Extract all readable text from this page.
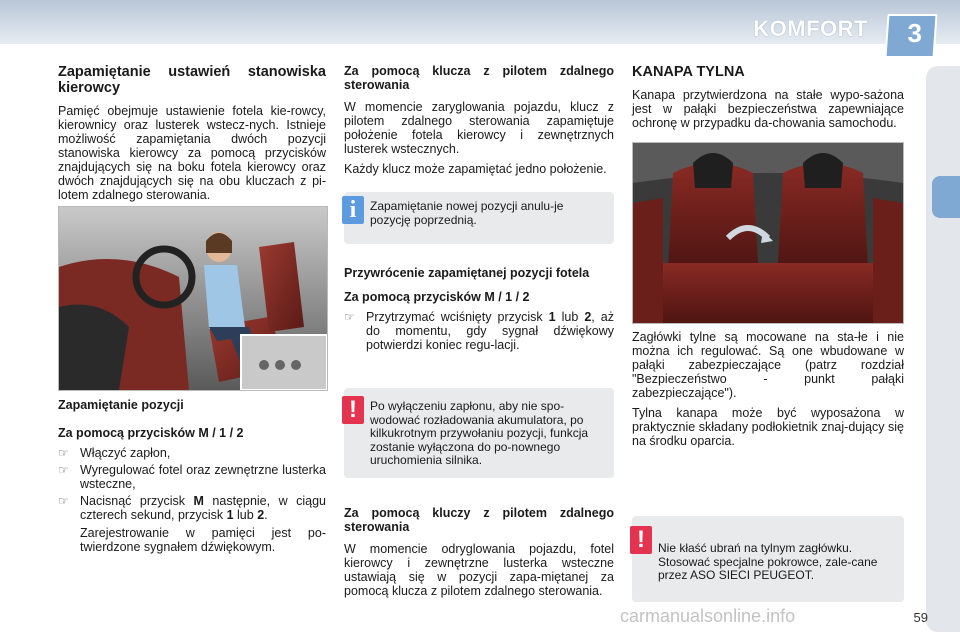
KOMFORT 3
Zapamiętanie ustawień stanowiska kierowcy

Pamięć obejmuje ustawienie fotela kie-rowcy, kierownicy oraz lusterek wstecz-nych. Istnieje możliwość zapamiętania dwóch pozycji stanowiska kierowcy za pomocą przycisków znajdujących się na boku fotela kierowcy oraz dwóch znajdujących się na obu kluczach z pi-lotem zdalnego sterowania.

Zapamiętanie pozycji
Za pomocą przycisków M / 1 / 2
☞ Włączyć zapłon,
☞ Wyregulować fotel oraz zewnętrzne lusterka wsteczne,
☞ Nacisnąć przycisk M następnie, w ciągu czterech sekund, przycisk 1 lub 2.

Zarejestrowanie w pamięci jest po-twierdzone sygnałem dźwiękowym.

Za pomocą klucza z pilotem zdalnego sterowania

W momencie zaryglowania pojazdu, klucz z pilotem zdalnego sterowania zapamiętuje położenie fotela kierowcy i zewnętrznych lusterek wstecznych.

Każdy klucz może zapamiętać jedno położenie.

i	Zapamiętanie nowej pozycji anulu-je pozycję poprzednią.
Przywrócenie zapamiętanej pozycji fotela
Za pomocą przycisków M / 1 / 2
☞ Przytrzymać wciśnięty przycisk 1 lub 2, aż do momentu, gdy sygnał dźwiękowy potwierdzi koniec regu-lacji.
!	Po wyłączeniu zapłonu, aby nie spo-wodować rozładowania akumulatora, po kilkukrotnym przywołaniu pozycji, funkcja zostanie wyłączona do po-nownego uruchomienia silnika.
Za pomocą kluczy z pilotem zdalnego sterowania

W momencie odryglowania pojazdu, fotel kierowcy i zewnętrzne lusterka wsteczne ustawiają się w pozycji zapa-miętanej za pomocą klucza z pilotem zdalnego sterowania.

KANAPA TYLNA

Kanapa przytwierdzona na stałe wypo-sażona jest w pałąki bezpieczeństwa zapewniające ochronę w przypadku da-chowania samochodu.

Zagłówki tylne są mocowane na sta-łe i nie można ich regulować. Są one wbudowane w pałąki zabezpieczające (patrz rozdział "Bezpieczeństwo - punkt pałąki zabezpieczające").

Tylna kanapa może być wyposażona w praktycznie składany podłokietnik znaj-dujący się na środku oparcia.

!	Nie kłaść ubrań na tylnym zagłówku. Stosować specjalne pokrowce, zale-cane przez ASO SIECI PEUGEOT.
59
carmanualsonline.info
